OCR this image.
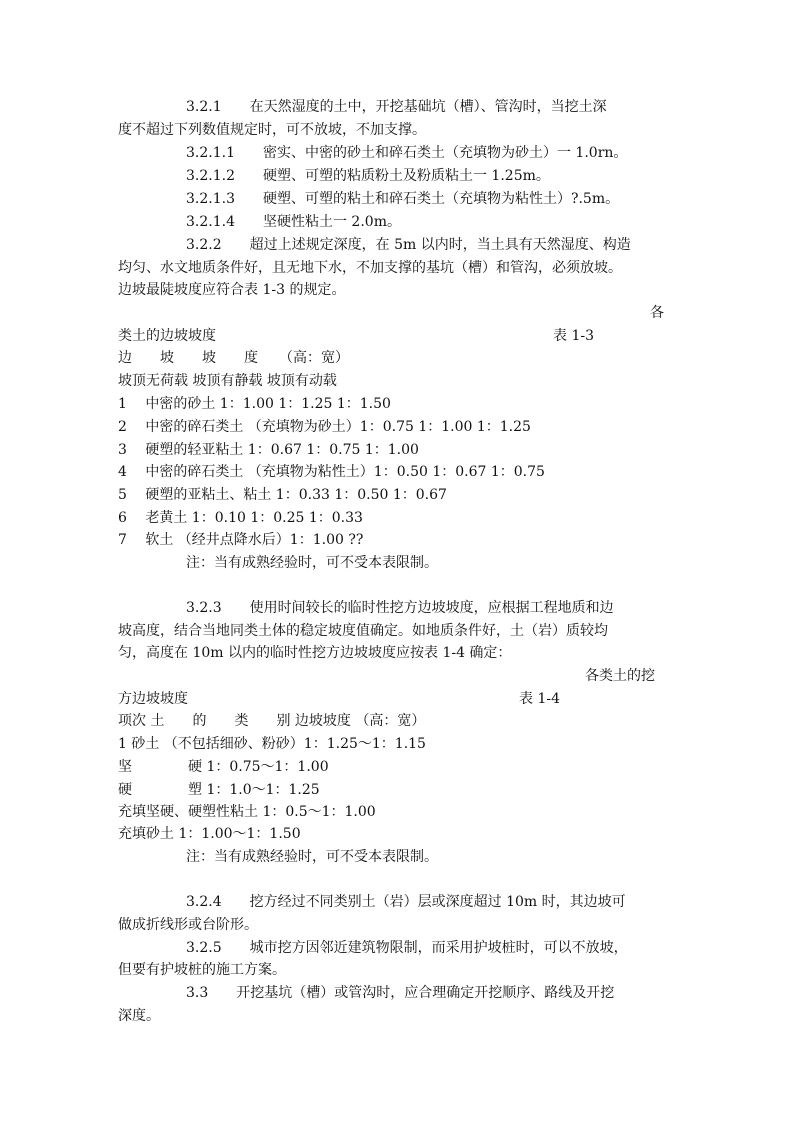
3.2.1　　在天然湿度的土中，开挖基础坑（槽）、管沟时，当挖土深
度不超过下列数值规定时，可不放坡，不加支撑。
3.2.1.1　　密实、中密的砂土和碎石类土（充填物为砂土）一 1.0rn。
3.2.1.2　　硬塑、可塑的粘质粉土及粉质粘土一 1.25m。
3.2.1.3　　硬塑、可塑的粘土和碎石类土（充填物为粘性土）?.5m。
3.2.1.4　　坚硬性粘土一 2.0m。
3.2.2　　超过上述规定深度，在 5m 以内时，当土具有天然湿度、构造
均匀、水文地质条件好，且无地下水，不加支撑的基坑（槽）和管沟，必须放坡。
边坡最陡坡度应符合表 1-3 的规定。
各
类土的边坡坡度	表 1-3
边　　坡　　坡　　度　　（高：宽）
坡顶无荷载 坡顶有静载 坡顶有动载
1　 中密的砂土 1：1.00 1：1.25 1：1.50
2　 中密的碎石类土 （充填物为砂土）1：0.75 1：1.00 1：1.25
3　 硬塑的轻亚粘土 1：0.67 1：0.75 1：1.00
4　 中密的碎石类土 （充填物为粘性土）1：0.50 1：0.67 1：0.75
5　 硬塑的亚粘土、粘土 1：0.33 1：0.50 1：0.67
6　 老黄土 1：0.10 1：0.25 1：0.33
7　 软土 （经井点降水后）1：1.00 ??
注：当有成熟经验时，可不受本表限制。
3.2.3　　使用时间较长的临时性挖方边坡坡度，应根据工程地质和边
坡高度，结合当地同类土体的稳定坡度值确定。如地质条件好，土（岩）质较均
匀，高度在 10m 以内的临时性挖方边坡坡度应按表 1-4 确定：
各类土的挖
方边坡坡度	表 1-4
项次 土　　的　　类　　别 边坡坡度 （高：宽）
1 砂土 （不包括细砂、粉砂）1：1.25～1：1.15
坚　　　　硬 1：0.75～1：1.00
硬　　　　塑 1：1.0～1：1.25
充填坚硬、硬塑性粘土 1：0.5～1：1.00
充填砂土 1：1.00～1：1.50
注：当有成熟经验时，可不受本表限制。
3.2.4　　挖方经过不同类别土（岩）层或深度超过 10m 时，其边坡可
做成折线形或台阶形。
3.2.5　　城市挖方因邻近建筑物限制，而采用护坡桩时，可以不放坡，
但要有护坡桩的施工方案。
3.3　　开挖基坑（槽）或管沟时，应合理确定开挖顺序、路线及开挖
深度。
